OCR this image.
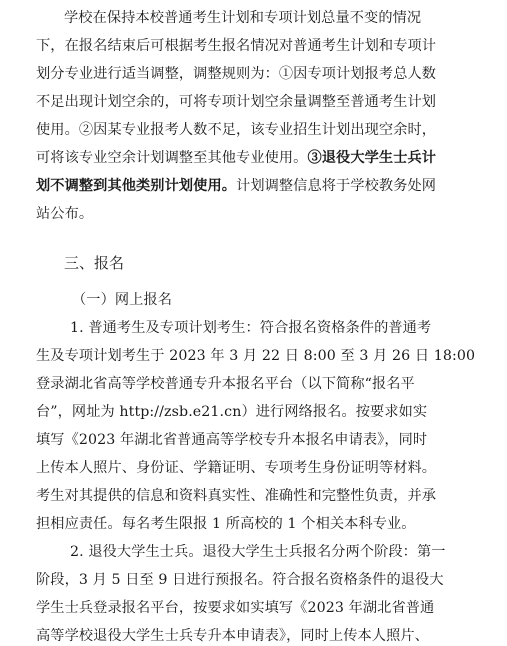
学校在保持本校普通考生计划和专项计划总量不变的情况
下，在报名结束后可根据考生报名情况对普通考生计划和专项计
划分专业进行适当调整，调整规则为：①因专项计划报考总人数
不足出现计划空余的，可将专项计划空余量调整至普通考生计划
使用。②因某专业报考人数不足，该专业招生计划出现空余时，
可将该专业空余计划调整至其他专业使用。③退役大学生士兵计
划不调整到其他类别计划使用。计划调整信息将于学校教务处网
站公布。
三、报名
（一）网上报名
1. 普通考生及专项计划考生：符合报名资格条件的普通考
生及专项计划考生于 2023 年 3 月 22 日 8:00 至 3 月 26 日 18:00
登录湖北省高等学校普通专升本报名平台（以下简称“报名平
台”，网址为 http://zsb.e21.cn）进行网络报名。按要求如实
填写《2023 年湖北省普通高等学校专升本报名申请表》，同时
上传本人照片、身份证、学籍证明、专项考生身份证明等材料。
考生对其提供的信息和资料真实性、准确性和完整性负责，并承
担相应责任。每名考生限报 1 所高校的 1 个相关本科专业。
2. 退役大学生士兵。退役大学生士兵报名分两个阶段：第一
阶段，3 月 5 日至 9 日进行预报名。符合报名资格条件的退役大
学生士兵登录报名平台，按要求如实填写《2023 年湖北省普通
高等学校退役大学生士兵专升本申请表》，同时上传本人照片、
